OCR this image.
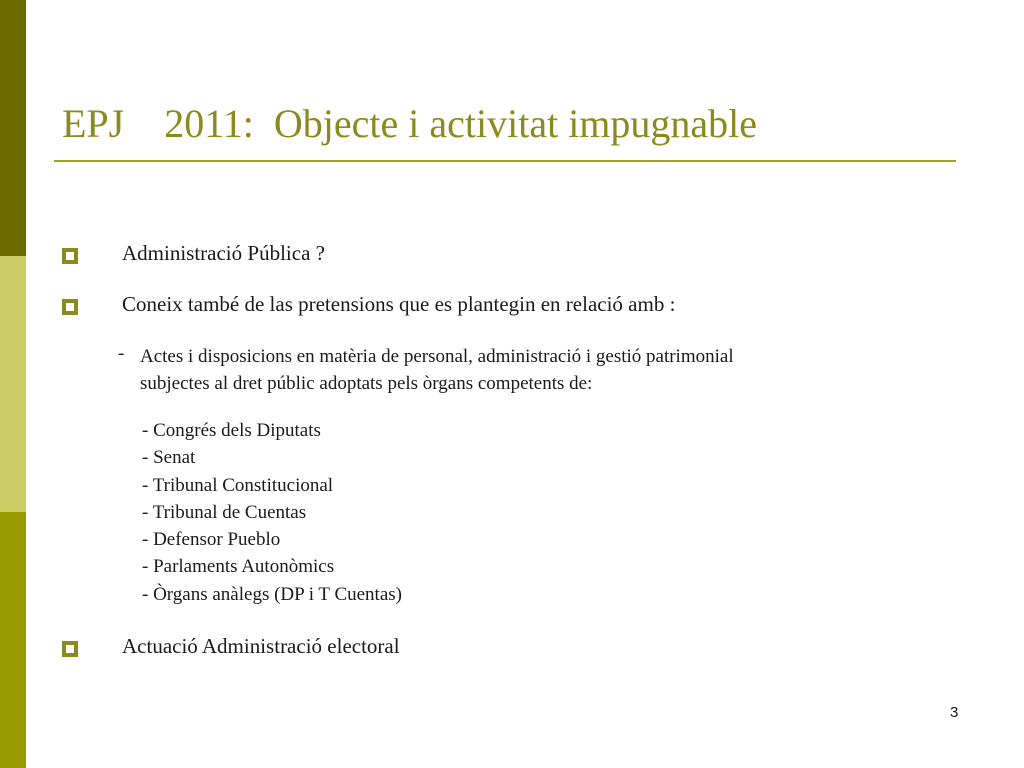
EPJ    2011:  Objecte i activitat impugnable
Administració Pública ?
Coneix també de las pretensions que es plantegin en relació amb :
- Actes i disposicions en matèria de personal, administració i gestió patrimonial
subjectes al dret públic adoptats pels òrgans competents de:
- Congrés dels Diputats
- Senat
- Tribunal Constitucional
- Tribunal de Cuentas
- Defensor Pueblo
- Parlaments Autonòmics
- Òrgans anàlegs (DP i T Cuentas)
Actuació Administració electoral
3
